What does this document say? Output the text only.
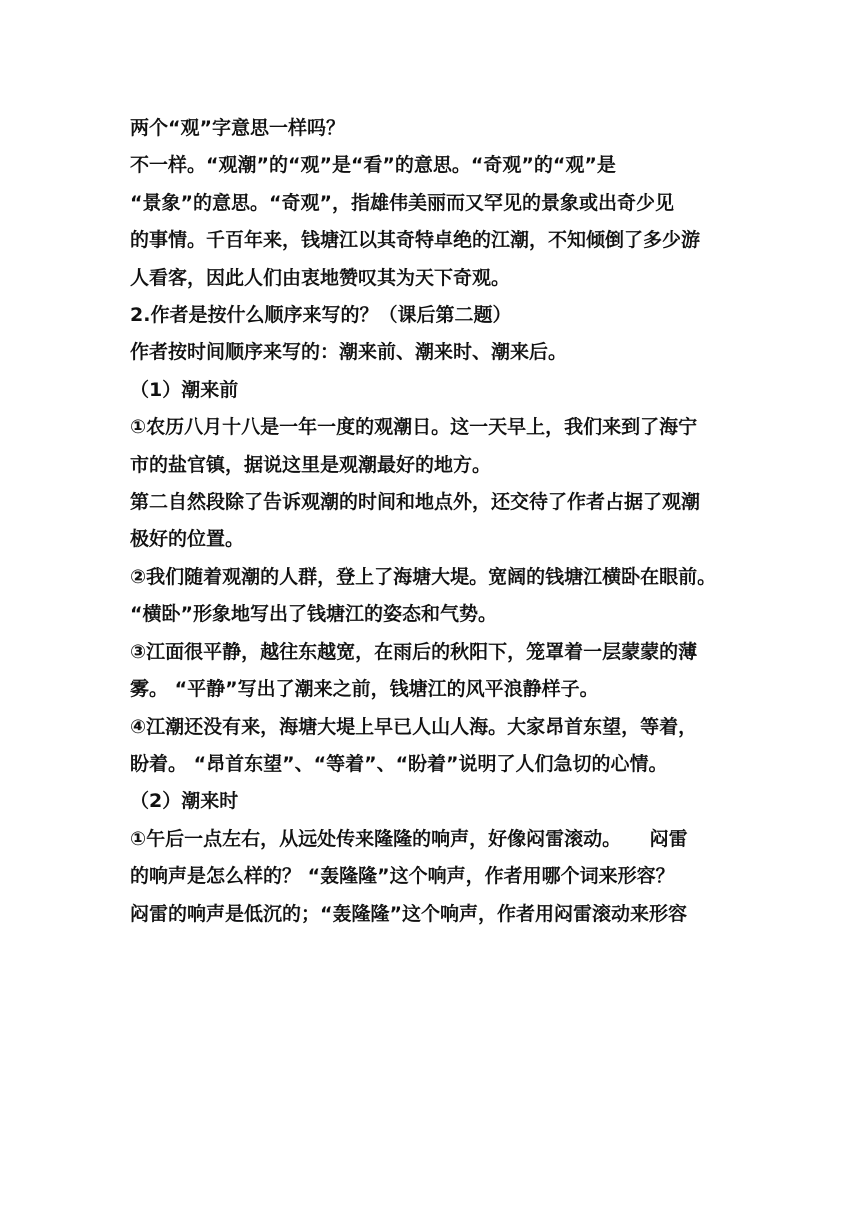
两个“观”字意思一样吗？

不一样。“观潮”的“观”是“看”的意思。“奇观”的“观”是

“景象”的意思。“奇观”，指雄伟美丽而又罕见的景象或出奇少见

的事情。千百年来，钱塘江以其奇特卓绝的江潮，不知倾倒了多少游

人看客，因此人们由衷地赞叹其为天下奇观。

2.作者是按什么顺序来写的？（课后第二题）

作者按时间顺序来写的：潮来前、潮来时、潮来后。

（1）潮来前

①农历八月十八是一年一度的观潮日。这一天早上，我们来到了海宁

市的盐官镇，据说这里是观潮最好的地方。

第二自然段除了告诉观潮的时间和地点外，还交待了作者占据了观潮

极好的位置。

②我们随着观潮的人群，登上了海塘大堤。宽阔的钱塘江横卧在眼前。

“横卧”形象地写出了钱塘江的姿态和气势。

③江面很平静，越往东越宽，在雨后的秋阳下，笼罩着一层蒙蒙的薄

雾。 “平静”写出了潮来之前，钱塘江的风平浪静样子。

④江潮还没有来，海塘大堤上早已人山人海。大家昂首东望，等着，

盼着。 “昂首东望”、“等着”、“盼着”说明了人们急切的心情。

（2）潮来时

①午后一点左右，从远处传来隆隆的响声，好像闷雷滚动。　　闷雷

的响声是怎么样的？ “轰隆隆”这个响声，作者用哪个词来形容？

闷雷的响声是低沉的；“轰隆隆”这个响声，作者用闷雷滚动来形容
